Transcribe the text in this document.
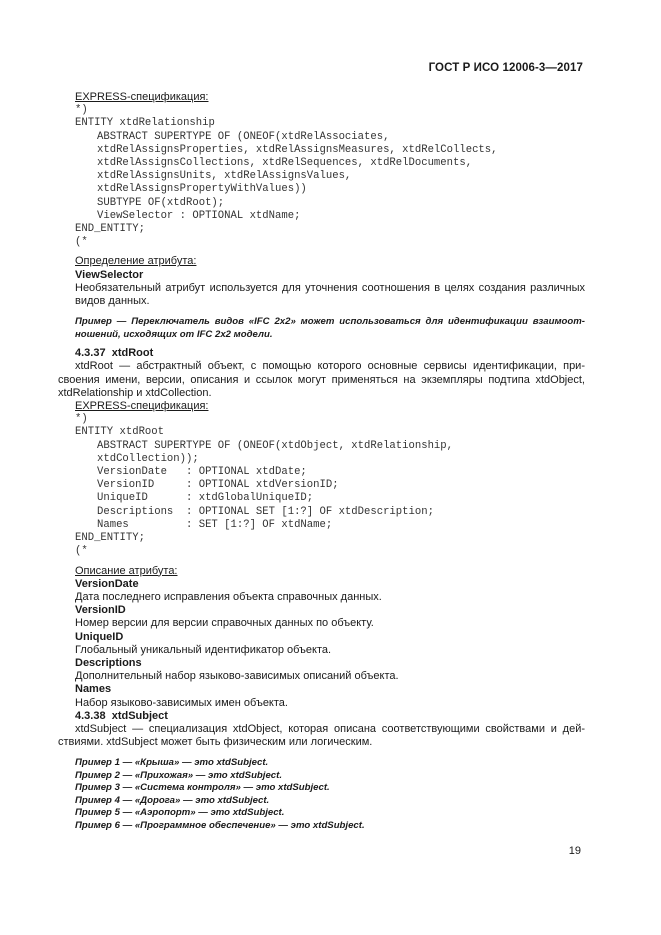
ГОСТ Р ИСО 12006-3—2017
EXPRESS-спецификация:
*)
ENTITY xtdRelationship
ABSTRACT SUPERTYPE OF (ONEOF(xtdRelAssociates,
xtdRelAssignsProperties, xtdRelAssignsMeasures, xtdRelCollects,
xtdRelAssignsCollections, xtdRelSequences, xtdRelDocuments,
xtdRelAssignsUnits, xtdRelAssignsValues,
xtdRelAssignsPropertyWithValues))
SUBTYPE OF(xtdRoot);
ViewSelector : OPTIONAL xtdName;
END_ENTITY;
(*
Определение атрибута:
ViewSelector
Необязательный атрибут используется для уточнения соотношения в целях создания различных видов данных.
Пример — Переключатель видов «IFC 2x2» может использоваться для идентификации взаимоот-ношений, исходящих от IFC 2x2 модели.
4.3.37 xtdRoot
xtdRoot — абстрактный объект, с помощью которого основные сервисы идентификации, при-своения имени, версии, описания и ссылок могут применяться на экземпляры подтипа xtdObject, xtdRelationship и xtdCollection.
EXPRESS-спецификация:
*)
ENTITY xtdRoot
ABSTRACT SUPERTYPE OF (ONEOF(xtdObject, xtdRelationship,
xtdCollection));
VersionDate   : OPTIONAL xtdDate;
VersionID     : OPTIONAL xtdVersionID;
UniqueID      : xtdGlobalUniqueID;
Descriptions  : OPTIONAL SET [1:?] OF xtdDescription;
Names         : SET [1:?] OF xtdName;
END_ENTITY;
(*
Описание атрибута:
VersionDate
Дата последнего исправления объекта справочных данных.
VersionID
Номер версии для версии справочных данных по объекту.
UniqueID
Глобальный уникальный идентификатор объекта.
Descriptions
Дополнительный набор языково-зависимых описаний объекта.
Names
Набор языково-зависимых имен объекта.
4.3.38 xtdSubject
xtdSubject — специализация xtdObject, которая описана соответствующими свойствами и дей-ствиями. xtdSubject может быть физическим или логическим.
Пример 1 — «Крыша» — это xtdSubject.
Пример 2 — «Прихожая» — это xtdSubject.
Пример 3 — «Система контроля» — это xtdSubject.
Пример 4 — «Дорога» — это xtdSubject.
Пример 5 — «Аэропорт» — это xtdSubject.
Пример 6 — «Программное обеспечение» — это xtdSubject.
19
